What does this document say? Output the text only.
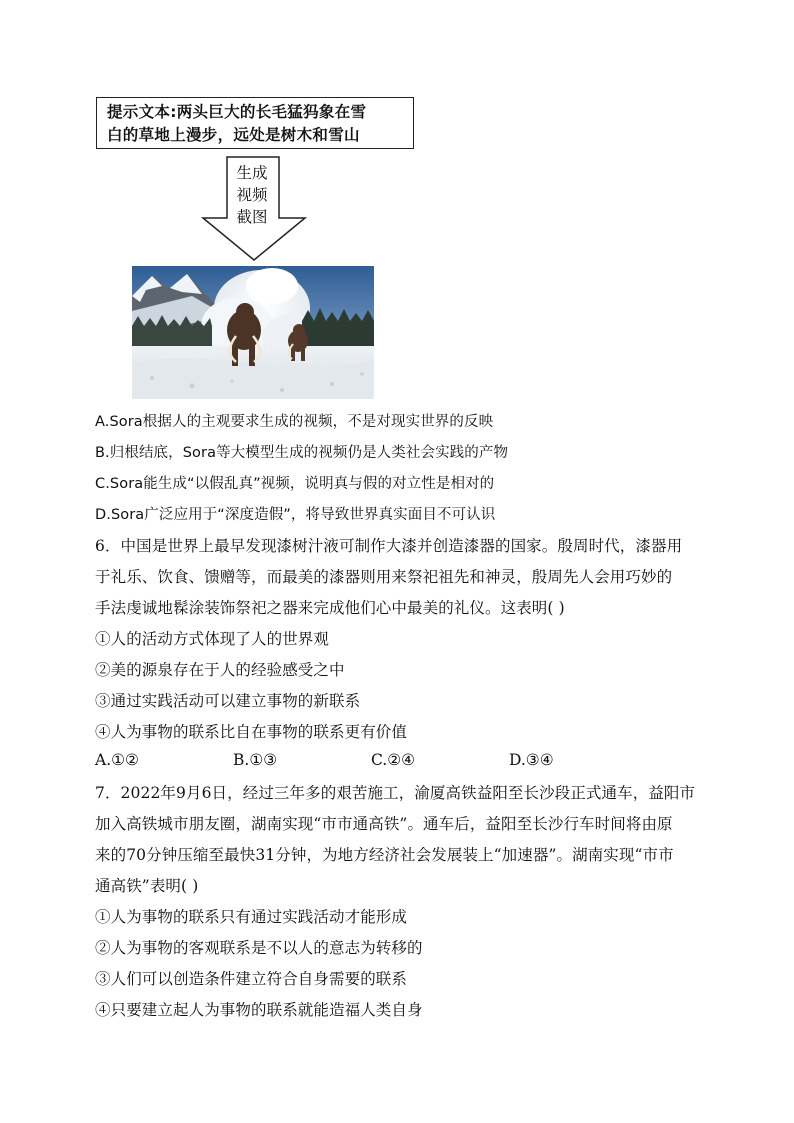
提示文本:两头巨大的长毛猛犸象在雪
白的草地上漫步，远处是树木和雪山
生成
视频
截图
A.Sora根据人的主观要求生成的视频，不是对现实世界的反映
B.归根结底，Sora等大模型生成的视频仍是人类社会实践的产物
C.Sora能生成“以假乱真”视频，说明真与假的对立性是相对的
D.Sora广泛应用于“深度造假”，将导致世界真实面目不可认识
6．中国是世界上最早发现漆树汁液可制作大漆并创造漆器的国家。殷周时代，漆器用
于礼乐、饮食、馈赠等，而最美的漆器则用来祭祀祖先和神灵，殷周先人会用巧妙的
手法虔诚地髹涂装饰祭祀之器来完成他们心中最美的礼仪。这表明( )
①人的活动方式体现了人的世界观
②美的源泉存在于人的经验感受之中
③通过实践活动可以建立事物的新联系
④人为事物的联系比自在事物的联系更有价值
A.①②	B.①③	C.②④	D.③④
7．2022年9月6日，经过三年多的艰苦施工，渝厦高铁益阳至长沙段正式通车，益阳市
加入高铁城市朋友圈，湖南实现“市市通高铁”。通车后，益阳至长沙行车时间将由原
来的70分钟压缩至最快31分钟，为地方经济社会发展装上“加速器”。湖南实现“市市
通高铁”表明( )
①人为事物的联系只有通过实践活动才能形成
②人为事物的客观联系是不以人的意志为转移的
③人们可以创造条件建立符合自身需要的联系
④只要建立起人为事物的联系就能造福人类自身
